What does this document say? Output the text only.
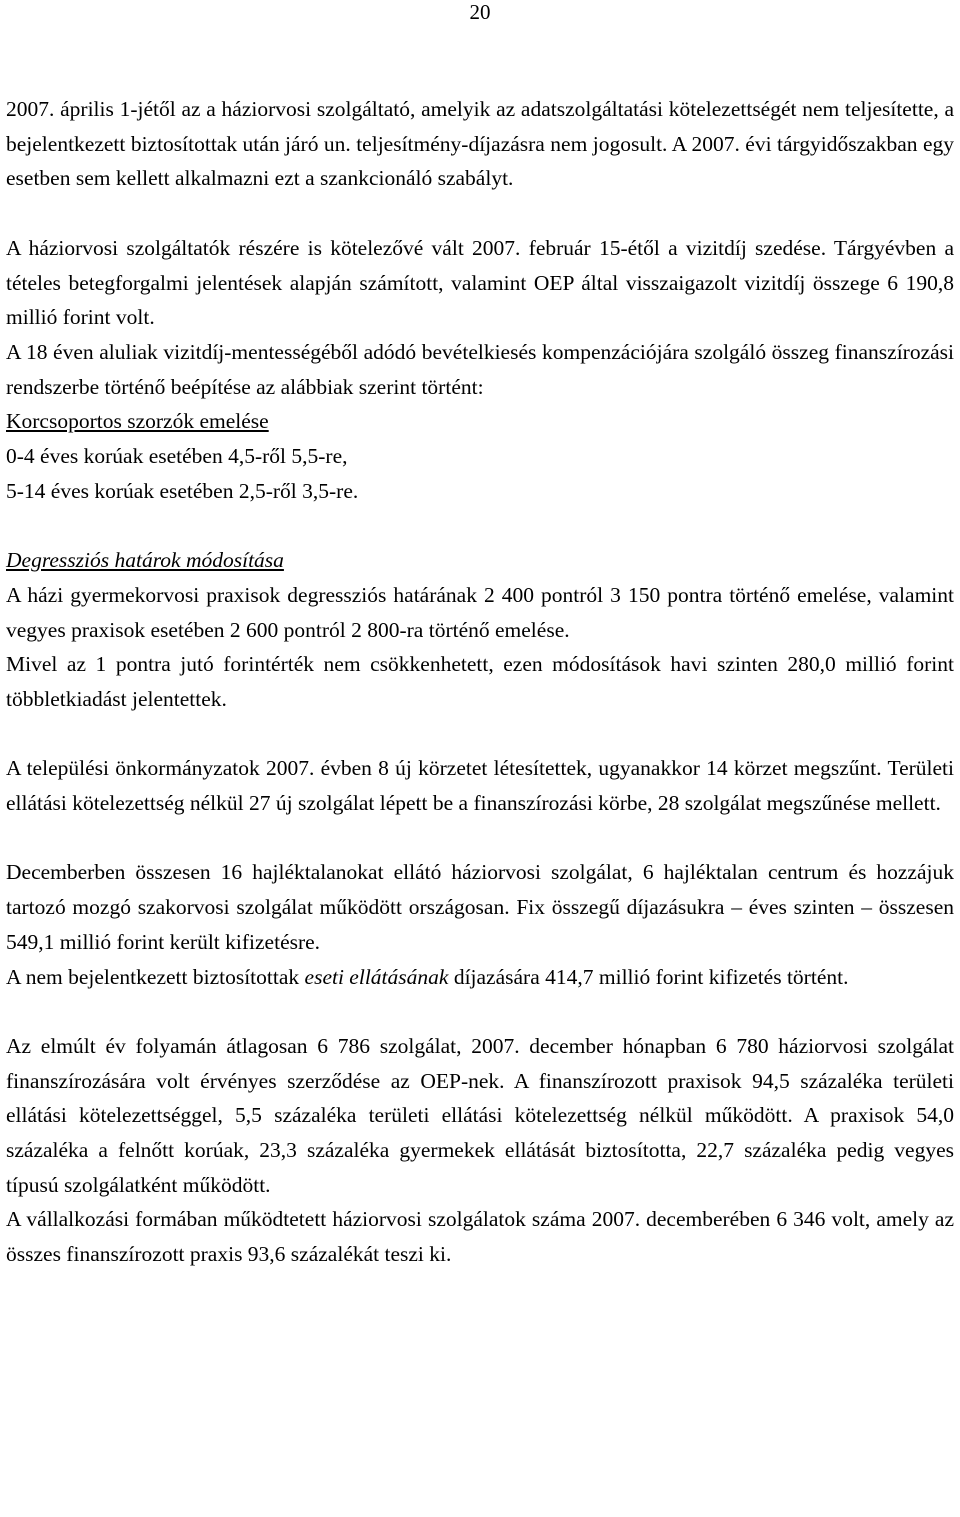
20

2007. április 1-jétől az a háziorvosi szolgáltató, amelyik az adatszolgáltatási kötelezettségét nem teljesítette, a bejelentkezett biztosítottak után járó un. teljesítmény-díjazásra nem jogosult. A 2007. évi tárgyidőszakban egy esetben sem kellett alkalmazni ezt a szankcionáló szabályt.

A háziorvosi szolgáltatók részére is kötelezővé vált 2007. február 15-étől a vizitdíj szedése. Tárgyévben a tételes betegforgalmi jelentések alapján számított, valamint OEP által visszaigazolt vizitdíj összege 6 190,8 millió forint volt.

A 18 éven aluliak vizitdíj-mentességéből adódó bevételkiesés kompenzációjára szolgáló összeg finanszírozási rendszerbe történő beépítése az alábbiak szerint történt:

Korcsoportos szorzók emelése

0-4 éves korúak esetében 4,5-ről 5,5-re,

5-14 éves korúak esetében 2,5-ről 3,5-re.

Degressziós határok módosítása

A házi gyermekorvosi praxisok degressziós határának 2 400 pontról 3 150 pontra történő emelése, valamint vegyes praxisok esetében 2 600 pontról 2 800-ra történő emelése.

Mivel az 1 pontra jutó forintérték nem csökkenhetett, ezen módosítások havi szinten 280,0 millió forint többletkiadást jelentettek.

A települési önkormányzatok 2007. évben 8 új körzetet létesítettek, ugyanakkor 14 körzet megszűnt. Területi ellátási kötelezettség nélkül 27 új szolgálat lépett be a finanszírozási körbe, 28 szolgálat megszűnése mellett.

Decemberben összesen 16 hajléktalanokat ellátó háziorvosi szolgálat, 6 hajléktalan centrum és hozzájuk tartozó mozgó szakorvosi szolgálat működött országosan. Fix összegű díjazásukra – éves szinten – összesen 549,1 millió forint került kifizetésre.

A nem bejelentkezett biztosítottak eseti ellátásának díjazására 414,7 millió forint kifizetés történt.

Az elmúlt év folyamán átlagosan 6 786 szolgálat, 2007. december hónapban 6 780 háziorvosi szolgálat finanszírozására volt érvényes szerződése az OEP-nek. A finanszírozott praxisok 94,5 százaléka területi ellátási kötelezettséggel, 5,5 százaléka területi ellátási kötelezettség nélkül működött. A praxisok 54,0 százaléka a felnőtt korúak, 23,3 százaléka gyermekek ellátását biztosította, 22,7 százaléka pedig vegyes típusú szolgálatként működött.

A vállalkozási formában működtetett háziorvosi szolgálatok száma 2007. decemberében 6 346 volt, amely az összes finanszírozott praxis 93,6 százalékát teszi ki.
